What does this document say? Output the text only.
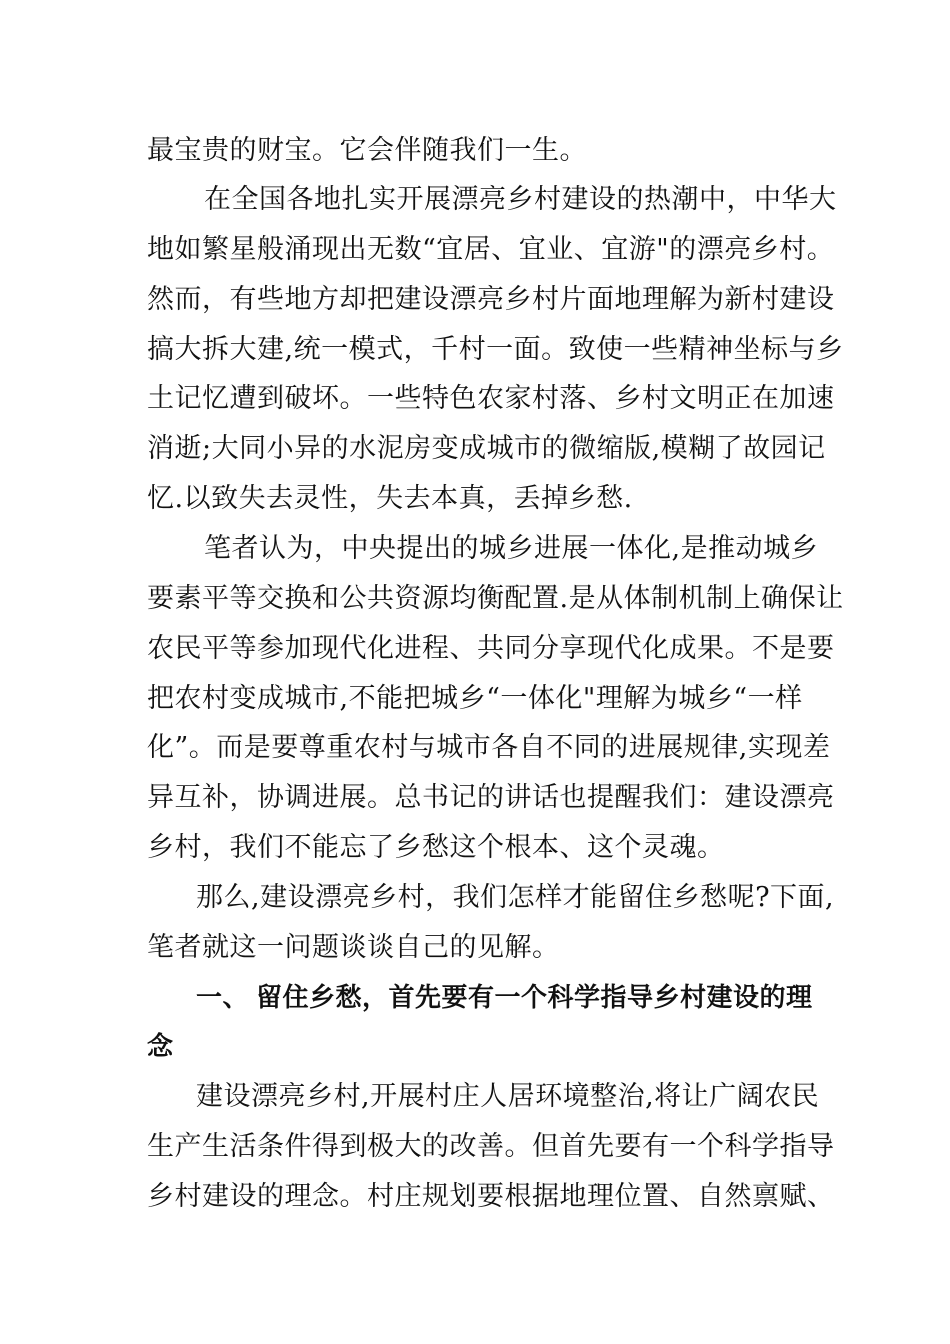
最宝贵的财宝。它会伴随我们一生。
在全国各地扎实开展漂亮乡村建设的热潮中，中华大
地如繁星般涌现出无数“宜居、宜业、宜游"的漂亮乡村。
然而，有些地方却把建设漂亮乡村片面地理解为新村建设
搞大拆大建,统一模式，千村一面。致使一些精神坐标与乡
土记忆遭到破坏。一些特色农家村落、乡村文明正在加速
消逝;大同小异的水泥房变成城市的微缩版,模糊了故园记
忆.以致失去灵性，失去本真，丢掉乡愁.
笔者认为，中央提出的城乡进展一体化,是推动城乡
要素平等交换和公共资源均衡配置.是从体制机制上确保让
农民平等参加现代化进程、共同分享现代化成果。不是要
把农村变成城市,不能把城乡“一体化"理解为城乡“一样
化”。而是要尊重农村与城市各自不同的进展规律,实现差
异互补，协调进展。总书记的讲话也提醒我们：建设漂亮
乡村，我们不能忘了乡愁这个根本、这个灵魂。
那么,建设漂亮乡村，我们怎样才能留住乡愁呢?下面,
笔者就这一问题谈谈自己的见解。
一、 留住乡愁，首先要有一个科学指导乡村建设的理
念
建设漂亮乡村,开展村庄人居环境整治,将让广阔农民
生产生活条件得到极大的改善。但首先要有一个科学指导
乡村建设的理念。村庄规划要根据地理位置、自然禀赋、
